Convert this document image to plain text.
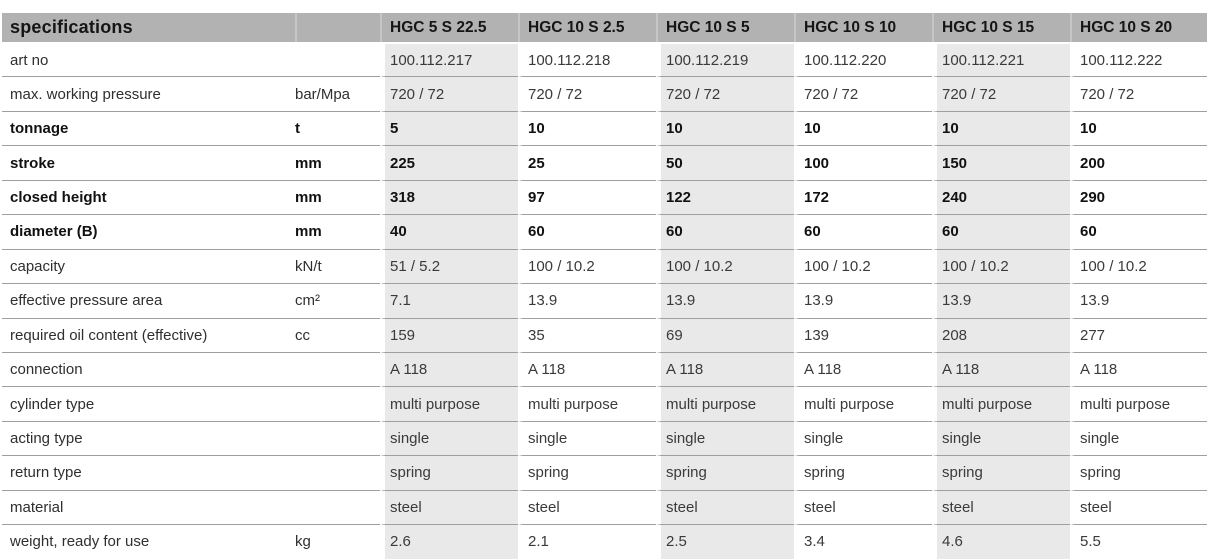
specifications		HGC 5 S 22.5	HGC 10 S 2.5	HGC 10 S 5	HGC 10 S 10	HGC 10 S 15	HGC 10 S 20
art no		100.112.217	100.112.218	100.112.219	100.112.220	100.112.221	100.112.222
max. working pressure	bar/Mpa	720 / 72	720 / 72	720 / 72	720 / 72	720 / 72	720 / 72
tonnage	t	5	10	10	10	10	10
stroke	mm	225	25	50	100	150	200
closed height	mm	318	97	122	172	240	290
diameter (B)	mm	40	60	60	60	60	60
capacity	kN/t	51 / 5.2	100 / 10.2	100 / 10.2	100 / 10.2	100 / 10.2	100 / 10.2
effective pressure area	cm²	7.1	13.9	13.9	13.9	13.9	13.9
required oil content (effective)	cc	159	35	69	139	208	277
connection		A 118	A 118	A 118	A 118	A 118	A 118
cylinder type		multi purpose	multi purpose	multi purpose	multi purpose	multi purpose	multi purpose
acting type		single	single	single	single	single	single
return type		spring	spring	spring	spring	spring	spring
material		steel	steel	steel	steel	steel	steel
weight, ready for use	kg	2.6	2.1	2.5	3.4	4.6	5.5
